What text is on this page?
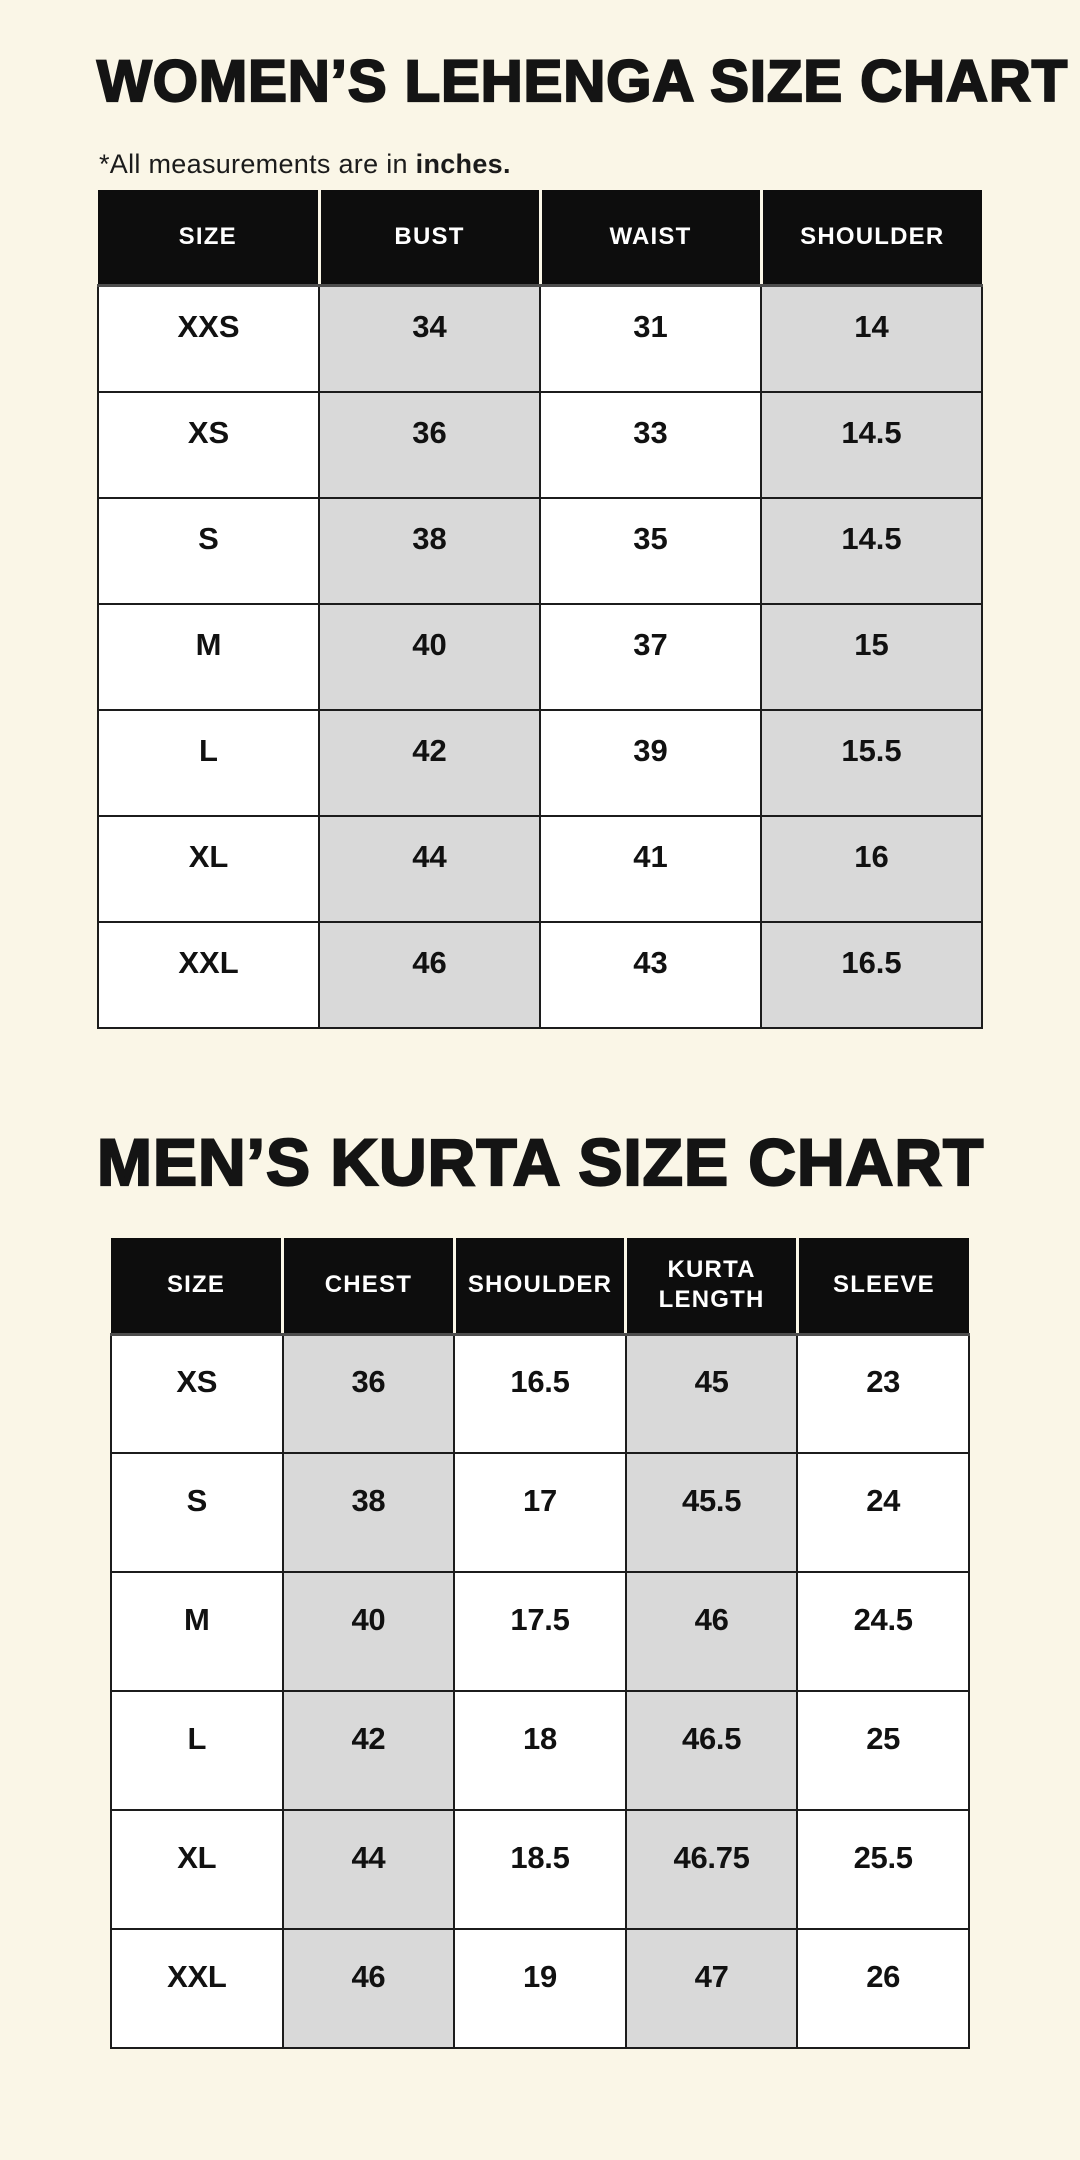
WOMEN’S LEHENGA SIZE CHART

*All measurements are in inches.

SIZE	BUST	WAIST	SHOULDER
XXS	34	31	14
XS	36	33	14.5
S	38	35	14.5
M	40	37	15
L	42	39	15.5
XL	44	41	16
XXL	46	43	16.5
MEN’S KURTA SIZE CHART
SIZE	CHEST	SHOULDER	KURTA LENGTH	SLEEVE
XS	36	16.5	45	23
S	38	17	45.5	24
M	40	17.5	46	24.5
L	42	18	46.5	25
XL	44	18.5	46.75	25.5
XXL	46	19	47	26
